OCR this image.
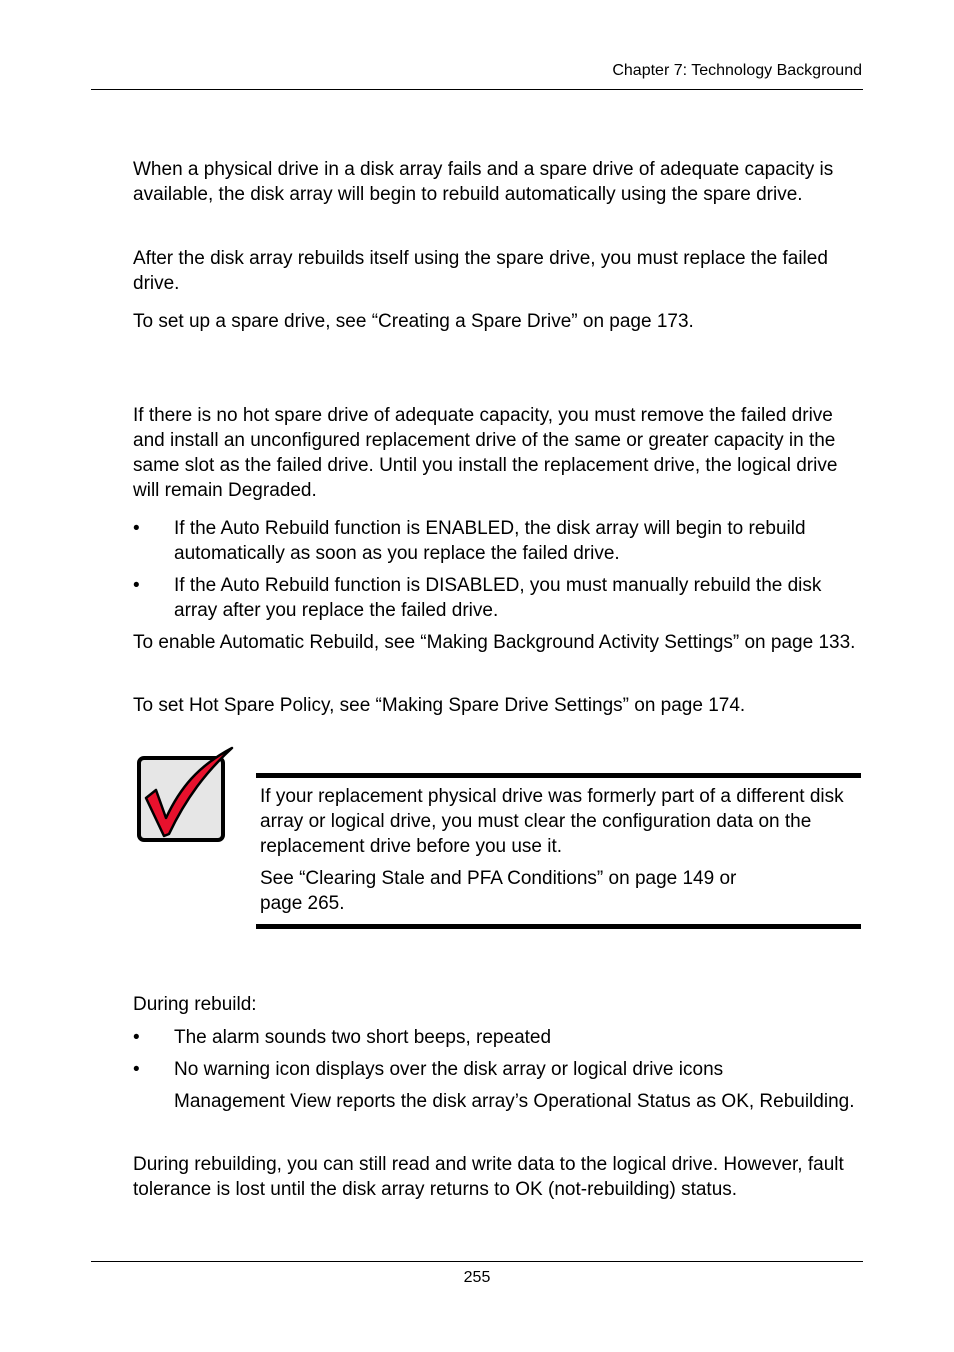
Chapter 7: Technology Background

When a physical drive in a disk array fails and a spare drive of adequate capacity is available, the disk array will begin to rebuild automatically using the spare drive.

After the disk array rebuilds itself using the spare drive, you must replace the failed drive.

To set up a spare drive, see “Creating a Spare Drive” on page 173.

If there is no hot spare drive of adequate capacity, you must remove the failed drive and install an unconfigured replacement drive of the same or greater capacity in the same slot as the failed drive. Until you install the replacement drive, the logical drive will remain Degraded.

• If the Auto Rebuild function is ENABLED, the disk array will begin to rebuild automatically as soon as you replace the failed drive.

• If the Auto Rebuild function is DISABLED, you must manually rebuild the disk array after you replace the failed drive.

To enable Automatic Rebuild, see “Making Background Activity Settings” on page 133.

To set Hot Spare Policy, see “Making Spare Drive Settings” on page 174.

If your replacement physical drive was formerly part of a different disk array or logical drive, you must clear the configuration data on the replacement drive before you use it.

See “Clearing Stale and PFA Conditions” on page 149 or
page 265.

During rebuild:

• The alarm sounds two short beeps, repeated

• No warning icon displays over the disk array or logical drive icons

Management View reports the disk array’s Operational Status as OK, Rebuilding.

During rebuilding, you can still read and write data to the logical drive. However, fault tolerance is lost until the disk array returns to OK (not-rebuilding) status.

255
